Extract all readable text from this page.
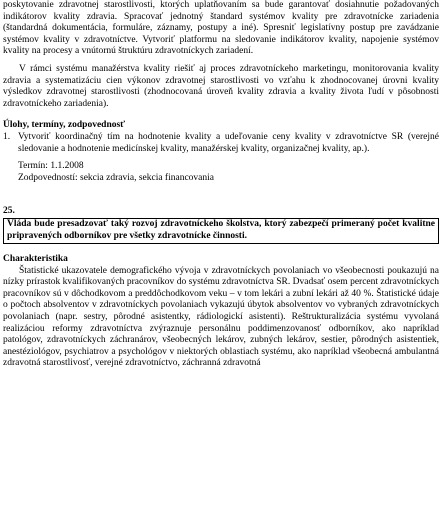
poskytovanie zdravotnej starostlivosti, ktorých uplatňovaním sa bude garantovať dosiahnutie požadovaných indikátorov kvality zdravia. Spracovať jednotný štandard systémov kvality pre zdravotnícke zariadenia (štandardná dokumentácia, formuláre, záznamy, postupy a iné). Spresniť legislatívny postup pre zavádzanie systémov kvality v zdravotníctve. Vytvoriť platformu na sledovanie indikátorov kvality, napojenie systémov kvality na procesy a vnútornú štruktúru zdravotníckych zariadení.

V rámci systému manažérstva kvality riešiť aj proces zdravotníckeho marketingu, monitorovania kvality zdravia a systematizáciu cien výkonov zdravotnej starostlivosti vo vzťahu k zhodnocovanej úrovni kvality výsledkov zdravotnej starostlivosti (zhodnocovaná úroveň kvality zdravia a kvality života ľudí v pôsobnosti zdravotníckeho zariadenia).

Úlohy, termíny, zodpovednosť

1. Vytvoriť koordinačný tím na hodnotenie kvality a udeľovanie ceny kvality v zdravotníctve SR (verejné sledovanie a hodnotenie medicínskej kvality, manažérskej kvality, organizačnej kvality, ap.).

Termín: 1.1.2008

Zodpovedností: sekcia zdravia, sekcia financovania

25.

Vláda bude presadzovať taký rozvoj zdravotníckeho školstva, ktorý zabezpečí primeraný počet kvalitne pripravených odborníkov pre všetky zdravotnícke činnosti.

Charakteristika

Štatistické ukazovatele demografického vývoja v zdravotníckych povolaniach vo všeobecnosti poukazujú na nízky prírastok kvalifikovaných pracovníkov do systému zdravotníctva SR. Dvadsať osem percent zdravotníckych pracovníkov sú v dôchodkovom a preddôchodkovom veku – v tom lekári a zubní lekári až 40 %. Štatistické údaje o počtoch absolventov v zdravotníckych povolaniach vykazujú úbytok absolventov vo vybraných zdravotníckych povolaniach (napr. sestry, pôrodné asistentky, rádiologickí asistenti). Reštrukturalizácia systému vyvolaná realizáciou reformy zdravotníctva zvýraznuje personálnu poddimenzovanosť odborníkov, ako napríklad patológov, zdravotníckych záchranárov, všeobecných lekárov, zubných lekárov, sestier, pôrodných asistentiek, anestéziológov, psychiatrov a psychológov v niektorých oblastiach systému, ako napríklad všeobecná ambulantná zdravotná starostlivosť, verejné zdravotníctvo, záchranná zdravotná
